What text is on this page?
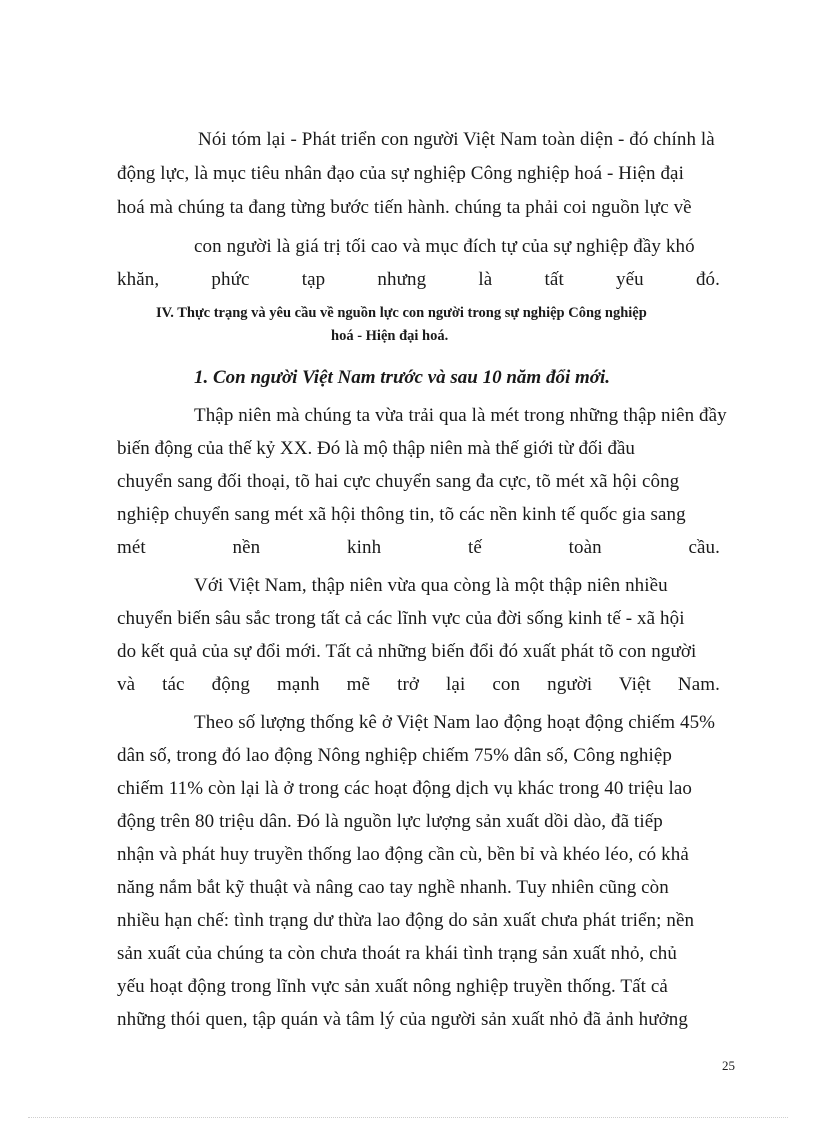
Nói tóm lại - Phát triển con người Việt Nam toàn diện - đó chính là
động lực, là mục tiêu nhân đạo của sự nghiệp Công nghiệp hoá - Hiện đại
hoá mà chúng ta đang từng bước tiến hành. chúng ta phải coi nguồn lực về
con người là giá trị tối cao và mục đích tự của sự nghiệp đầy khó
khăn, phức tạp nhưng là tất yếu đó.
IV. Thực trạng và yêu cầu về nguồn lực con người trong sự nghiệp Công nghiệp
hoá - Hiện đại hoá.
1. Con người Việt Nam trước và sau 10 năm đổi mới.
Thập niên mà chúng ta vừa trải qua là mét trong những thập niên đầy
biến động của thế kỷ XX. Đó là mộ thập niên mà thế giới từ đối đầu
chuyển sang đối thoại, tõ hai cực chuyển sang đa cực, tõ mét xã hội công
nghiệp chuyển sang mét xã hội thông tin, tõ các nền kinh tế quốc gia sang
mét nền kinh tế toàn cầu.
Với Việt Nam, thập niên vừa qua còng là một thập niên nhiều
chuyển biến sâu sắc trong tất cả các lĩnh vực của đời sống kinh tế - xã hội
do kết quả của sự đổi mới. Tất cả những biến đổi đó xuất phát tõ con người
và tác động mạnh mẽ trở lại con người Việt Nam.
Theo số lượng thống kê ở Việt Nam lao động hoạt động chiếm 45%
dân số, trong đó lao động Nông nghiệp chiếm 75% dân số, Công nghiệp
chiếm 11% còn lại là ở trong các hoạt động dịch vụ khác trong 40 triệu lao
động trên 80 triệu dân. Đó là nguồn lực lượng sản xuất dồi dào, đã tiếp
nhận và phát huy truyền thống lao động cần cù, bền bỉ và khéo léo, có khả
năng nắm bắt kỹ thuật và nâng cao tay nghề nhanh. Tuy nhiên cũng còn
nhiều hạn chế: tình trạng dư thừa lao động do sản xuất chưa phát triển; nền
sản xuất của chúng ta còn chưa thoát ra khái tình trạng sản xuất nhỏ, chủ
yếu hoạt động trong lĩnh vực sản xuất nông nghiệp truyền thống. Tất cả
những thói quen, tập quán và tâm lý của người sản xuất nhỏ đã ảnh hưởng
25
